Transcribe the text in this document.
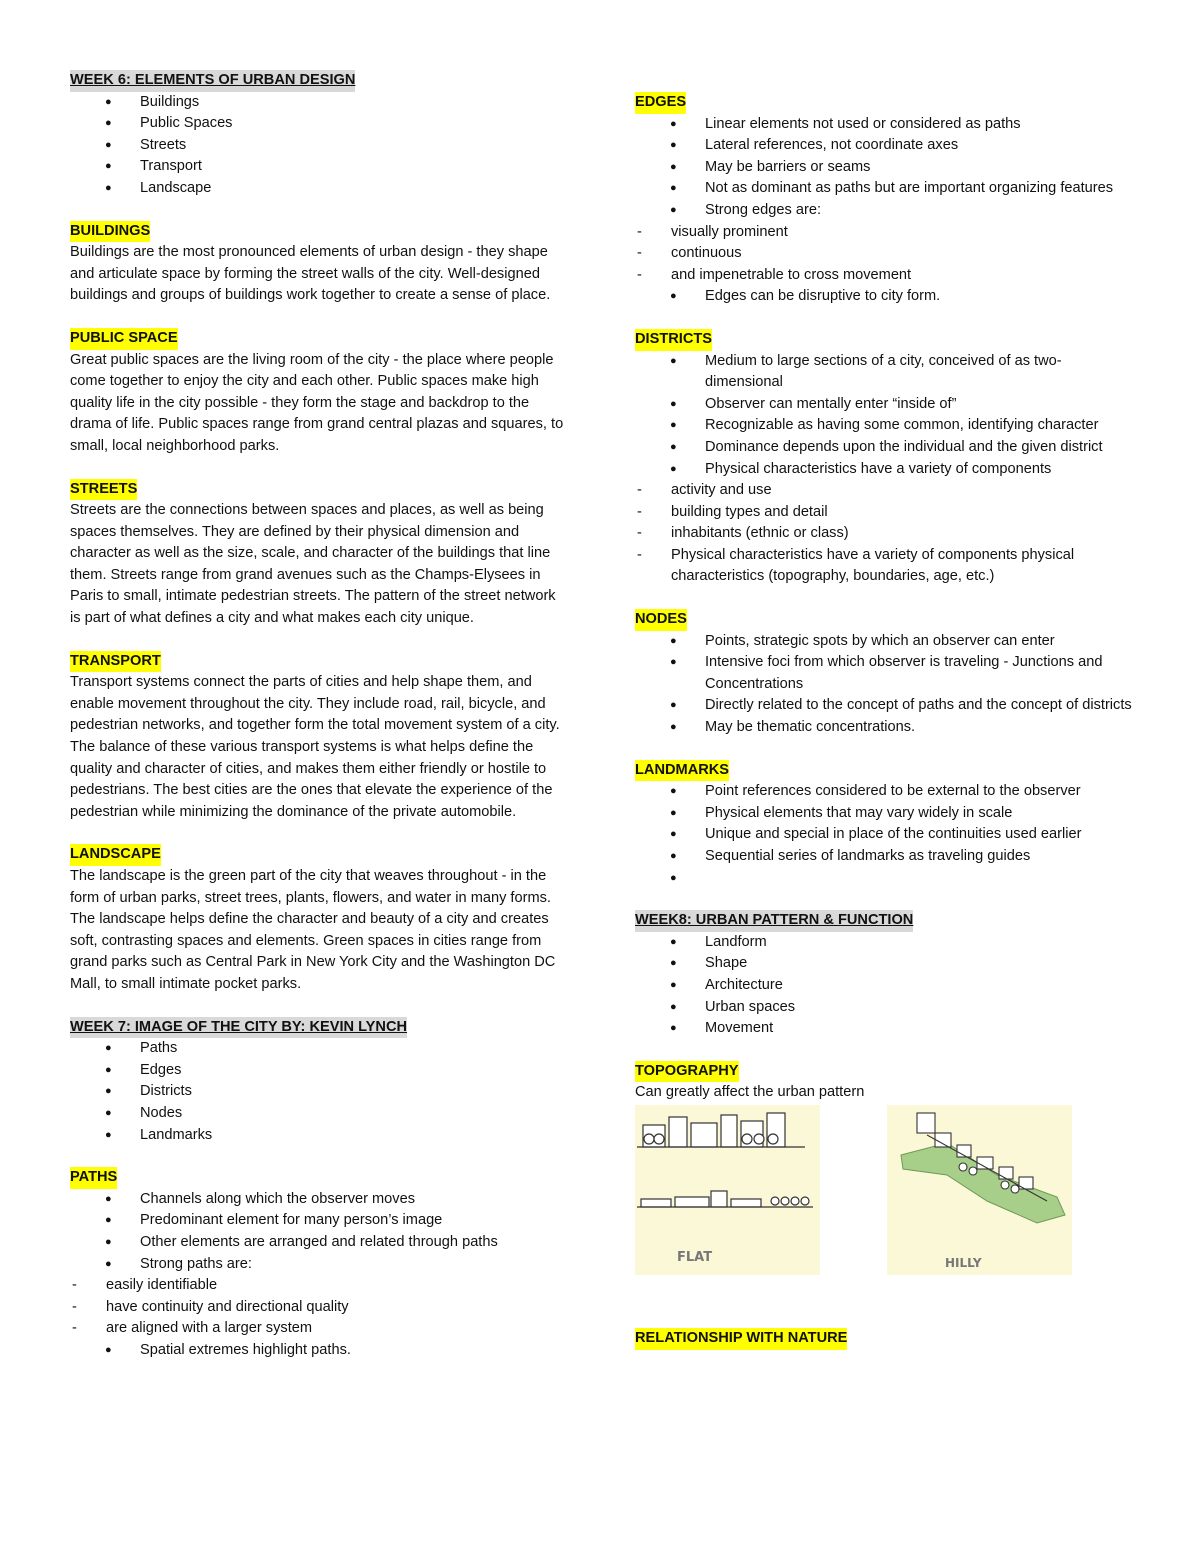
WEEK 6: ELEMENTS OF URBAN DESIGN
● Buildings
● Public Spaces
● Streets
● Transport
● Landscape
BUILDINGS

Buildings are the most pronounced elements of urban design - they shape and articulate space by forming the street walls of the city. Well-designed buildings and groups of buildings work together to create a sense of place.

PUBLIC SPACE

Great public spaces are the living room of the city - the place where people come together to enjoy the city and each other. Public spaces make high quality life in the city possible - they form the stage and backdrop to the drama of life. Public spaces range from grand central plazas and squares, to small, local neighborhood parks.

STREETS

Streets are the connections between spaces and places, as well as being spaces themselves. They are defined by their physical dimension and character as well as the size, scale, and character of the buildings that line them. Streets range from grand avenues such as the Champs-Elysees in Paris to small, intimate pedestrian streets. The pattern of the street network is part of what defines a city and what makes each city unique.

TRANSPORT

Transport systems connect the parts of cities and help shape them, and enable movement throughout the city. They include road, rail, bicycle, and pedestrian networks, and together form the total movement system of a city. The balance of these various transport systems is what helps define the quality and character of cities, and makes them either friendly or hostile to pedestrians. The best cities are the ones that elevate the experience of the pedestrian while minimizing the dominance of the private automobile.

LANDSCAPE

The landscape is the green part of the city that weaves throughout - in the form of urban parks, street trees, plants, flowers, and water in many forms. The landscape helps define the character and beauty of a city and creates soft, contrasting spaces and elements. Green spaces in cities range from grand parks such as Central Park in New York City and the Washington DC Mall, to small intimate pocket parks.

WEEK 7: IMAGE OF THE CITY BY: KEVIN LYNCH
● Paths
● Edges
● Districts
● Nodes
● Landmarks
PATHS
● Channels along which the observer moves
● Predominant element for many person’s image
● Other elements are arranged and related through paths
● Strong paths are:
- easily identifiable
- have continuity and directional quality
- are aligned with a larger system
● Spatial extremes highlight paths.
EDGES
● Linear elements not used or considered as paths
● Lateral references, not coordinate axes
● May be barriers or seams
● Not as dominant as paths but are important organizing features
● Strong edges are:
- visually prominent
- continuous
- and impenetrable to cross movement
● Edges can be disruptive to city form.
DISTRICTS
● Medium to large sections of a city, conceived of as two-dimensional
● Observer can mentally enter “inside of”
● Recognizable as having some common, identifying character
● Dominance depends upon the individual and the given district
● Physical characteristics have a variety of components
- activity and use
- building types and detail
- inhabitants (ethnic or class)
- Physical characteristics have a variety of components physical characteristics (topography, boundaries, age, etc.)
NODES
● Points, strategic spots by which an observer can enter
● Intensive foci from which observer is traveling - Junctions and Concentrations
● Directly related to the concept of paths and the concept of districts
● May be thematic concentrations.
LANDMARKS
● Point references considered to be external to the observer
● Physical elements that may vary widely in scale
● Unique and special in place of the continuities used earlier
● Sequential series of landmarks as traveling guides
●
WEEK8: URBAN PATTERN & FUNCTION
● Landform
● Shape
● Architecture
● Urban spaces
● Movement
TOPOGRAPHY

Can greatly affect the urban pattern

FLAT	HILLY
RELATIONSHIP WITH NATURE
